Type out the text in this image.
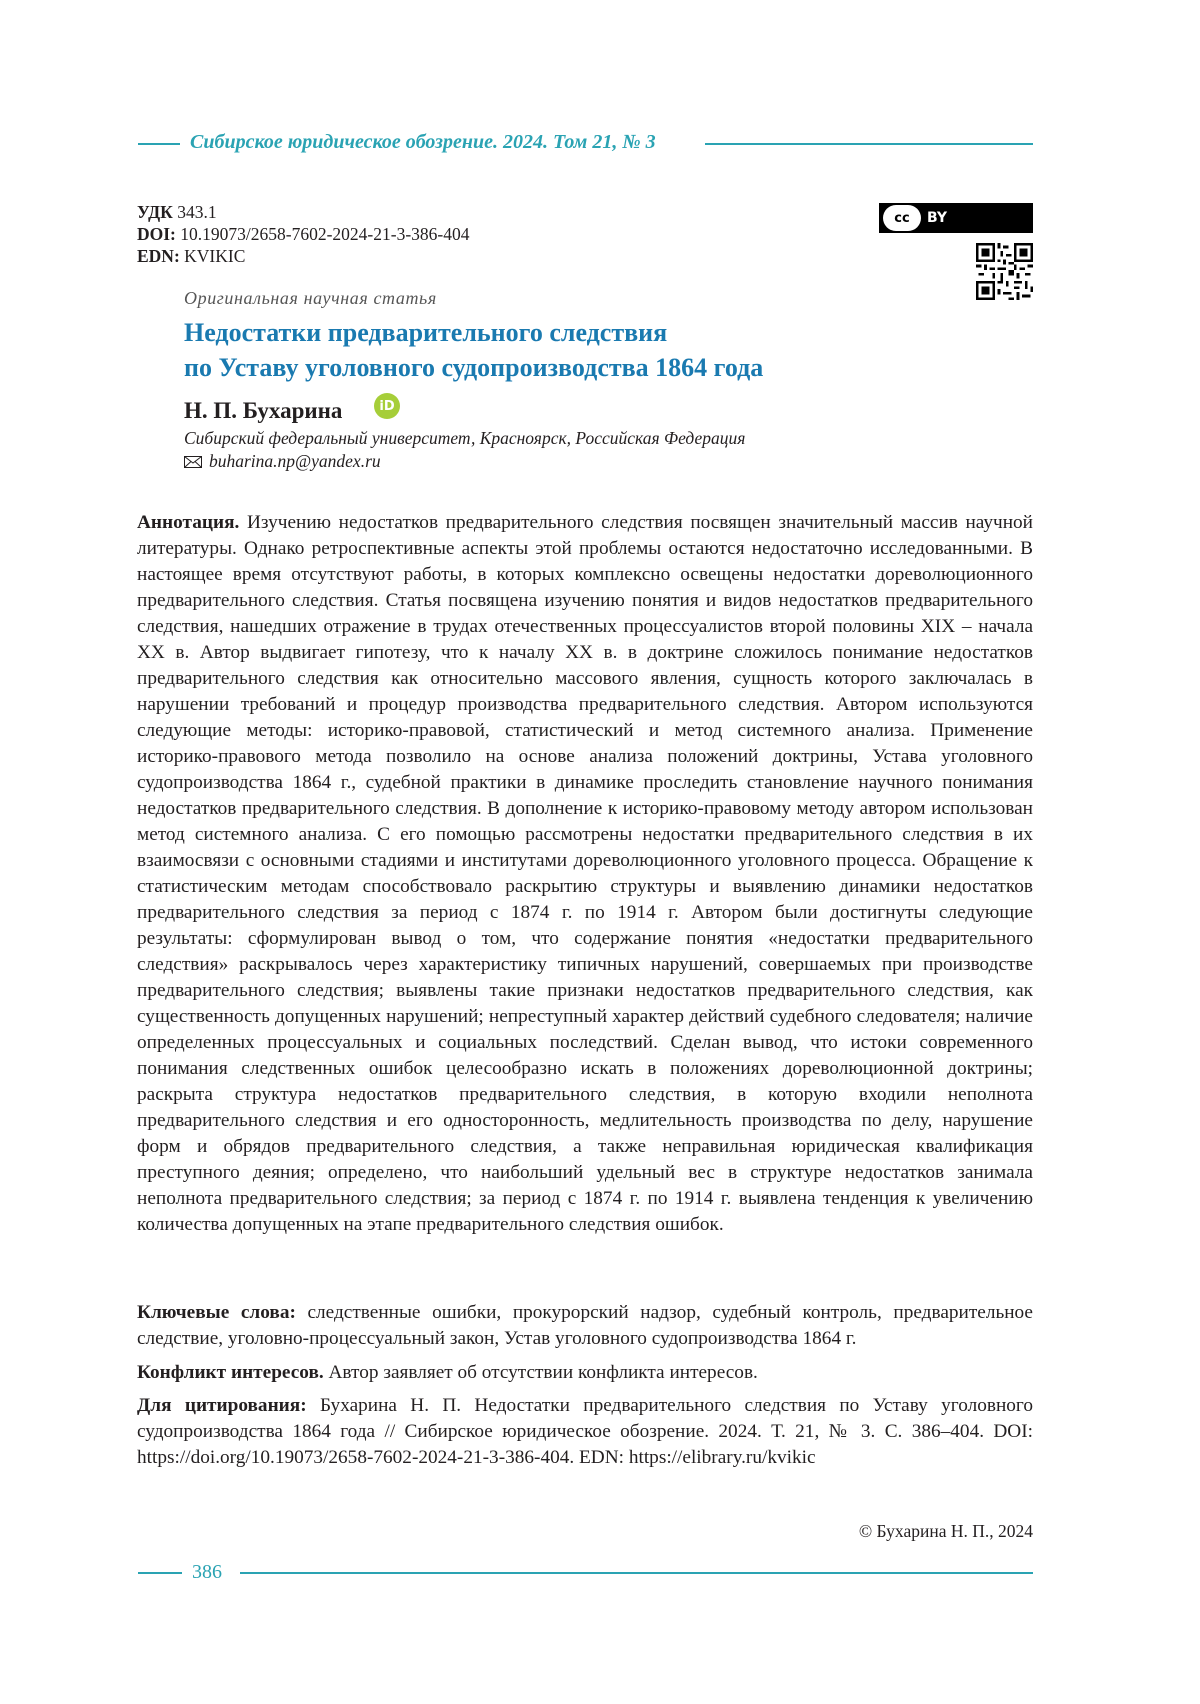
Сибирское юридическое обозрение. 2024. Том 21, № 3
УДК 343.1
DOI: 10.19073/2658-7602-2024-21-3-386-404
EDN: KVIKIC
cc	BY
Оригинальная научная статья
Недостатки предварительного следствия
по Уставу уголовного судопроизводства 1864 года
Н. П. Бухарина	iD
Сибирский федеральный университет, Красноярск, Российская Федерация
buharina.np@yandex.ru
Аннотация. Изучению недостатков предварительного следствия посвящен значительный массив научной литературы. Однако ретроспективные аспекты этой проблемы остаются недостаточно исследованными. В настоящее время отсутствуют работы, в которых комплексно освещены недостатки дореволюционного предварительного следствия. Статья посвящена изучению понятия и видов недостатков предварительного следствия, нашедших отражение в трудах отечественных процессуалистов второй половины XIX – начала XX в. Автор выдвигает гипотезу, что к началу XX в. в доктрине сложилось понимание недостатков предварительного следствия как относительно массового явления, сущность которого заключалась в нарушении требований и процедур производства предварительного следствия. Автором используются следующие методы: историко-правовой, статистический и метод системного анализа. Применение историко-правового метода позволило на основе анализа положений доктрины, Устава уголовного судопроизводства 1864 г., судебной практики в динамике проследить становление научного понимания недостатков предварительного следствия. В дополнение к историко-правовому методу автором использован метод системного анализа. С его помощью рассмотрены недостатки предварительного следствия в их взаимосвязи с основными стадиями и институтами дореволюционного уголовного процесса. Обращение к статистическим методам способствовало раскрытию структуры и выявлению динамики недостатков предварительного следствия за период с 1874 г. по 1914 г. Автором были достигнуты следующие результаты: сформулирован вывод о том, что содержание понятия «недостатки предварительного следствия» раскрывалось через характеристику типичных нарушений, совершаемых при производстве предварительного следствия; выявлены такие признаки недостатков предварительного следствия, как существенность допущенных нарушений; непреступный характер действий судебного следователя; наличие определенных процессуальных и социальных последствий. Сделан вывод, что истоки современного понимания следственных ошибок целесообразно искать в положениях дореволюционной доктрины; раскрыта структура недостатков предварительного следствия, в которую входили неполнота предварительного следствия и его односторонность, медлительность производства по делу, нарушение форм и обрядов предварительного следствия, а также неправильная юридическая квалификация преступного деяния; определено, что наибольший удельный вес в структуре недостатков занимала неполнота предварительного следствия; за период с 1874 г. по 1914 г. выявлена тенденция к увеличению количества допущенных на этапе предварительного следствия ошибок.
Ключевые слова: следственные ошибки, прокурорский надзор, судебный контроль, предварительное следствие, уголовно-процессуальный закон, Устав уголовного судопроизводства 1864 г.
Конфликт интересов. Автор заявляет об отсутствии конфликта интересов.
Для цитирования: Бухарина Н. П. Недостатки предварительного следствия по Уставу уголовного судопроизводства 1864 года // Сибирское юридическое обозрение. 2024. Т. 21, № 3. С. 386–404. DOI: https://doi.org/10.19073/2658-7602-2024-21-3-386-404. EDN: https://elibrary.ru/kvikic
© Бухарина Н. П., 2024
386
